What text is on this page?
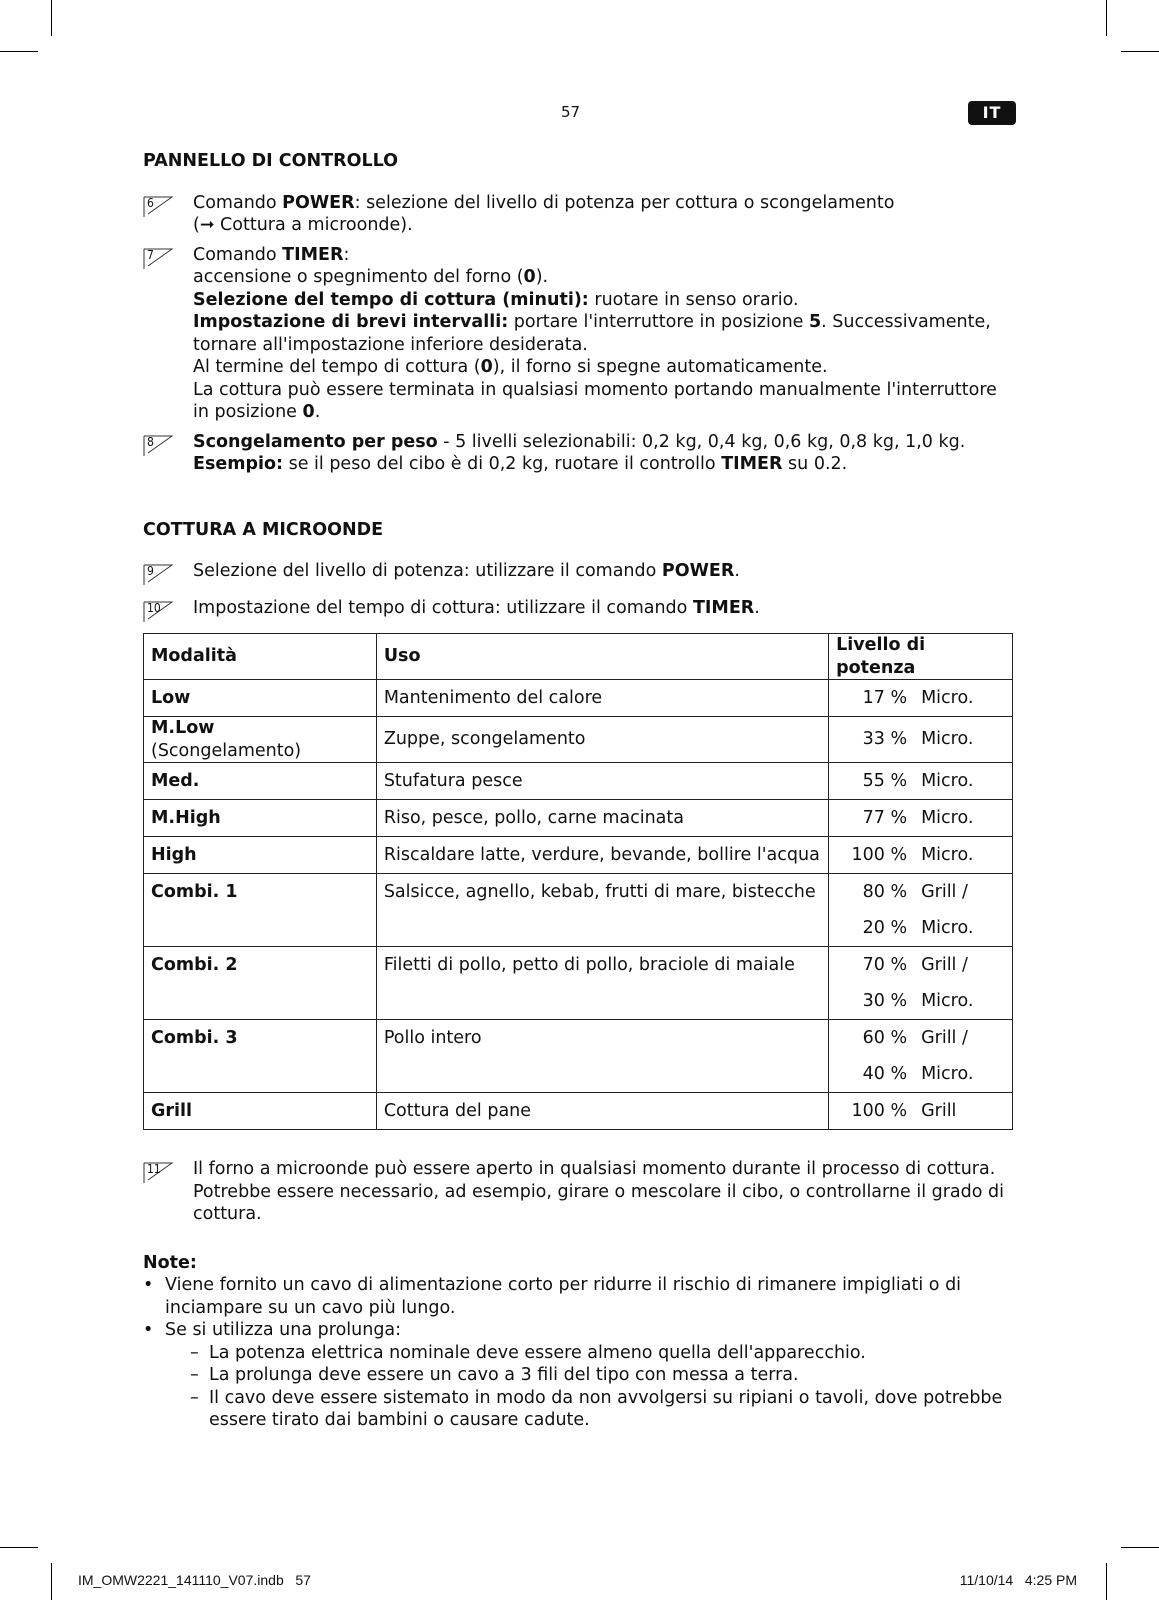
57	IT
PANNELLO DI CONTROLLO
6 Comando POWER: selezione del livello di potenza per cottura o scongelamento

(➞ Cottura a microonde).

7 Comando TIMER:

accensione o spegnimento del forno (0).

Selezione del tempo di cottura (minuti): ruotare in senso orario.

Impostazione di brevi intervalli: portare l'interruttore in posizione 5. Successivamente, tornare all'impostazione inferiore desiderata.

Al termine del tempo di cottura (0), il forno si spegne automaticamente.

La cottura può essere terminata in qualsiasi momento portando manualmente l'interruttore in posizione 0.

8 Scongelamento per peso - 5 livelli selezionabili: 0,2 kg, 0,4 kg, 0,6 kg, 0,8 kg, 1,0 kg.

Esempio: se il peso del cibo è di 0,2 kg, ruotare il controllo TIMER su 0.2.

COTTURA A MICROONDE
9 Selezione del livello di potenza: utilizzare il comando POWER.

10 Impostazione del tempo di cottura: utilizzare il comando TIMER.

Modalità	Uso	Livello di potenza
Low	Mantenimento del calore	17 % Micro.

M.Low (Scongelamento)	Zuppe, scongelamento	33 % Micro.

Med.	Stufatura pesce	55 % Micro.

M.High	Riso, pesce, pollo, carne macinata	77 % Micro.

High	Riscaldare latte, verdure, bevande, bollire l'acqua	100 % Micro.

Combi. 1	Salsicce, agnello, kebab, frutti di mare, bistecche	80 % Grill /
20 % Micro.

Combi. 2	Filetti di pollo, petto di pollo, braciole di maiale	70 % Grill /
30 % Micro.

Combi. 3	Pollo intero	60 % Grill /
40 % Micro.

Grill	Cottura del pane	100 % Grill
11 Il forno a microonde può essere aperto in qualsiasi momento durante il processo di cottura. Potrebbe essere necessario, ad esempio, girare o mescolare il cibo, o controllarne il grado di cottura.

Note:
• Viene fornito un cavo di alimentazione corto per ridurre il rischio di rimanere impigliati o di inciampare su un cavo più lungo.
• Se si utilizza una prolunga:
– La potenza elettrica nominale deve essere almeno quella dell'apparecchio.
– La prolunga deve essere un cavo a 3 fili del tipo con messa a terra.
– Il cavo deve essere sistemato in modo da non avvolgersi su ripiani o tavoli, dove potrebbe essere tirato dai bambini o causare cadute.
IM_OMW2221_141110_V07.indb   57	11/10/14   4:25 PM
